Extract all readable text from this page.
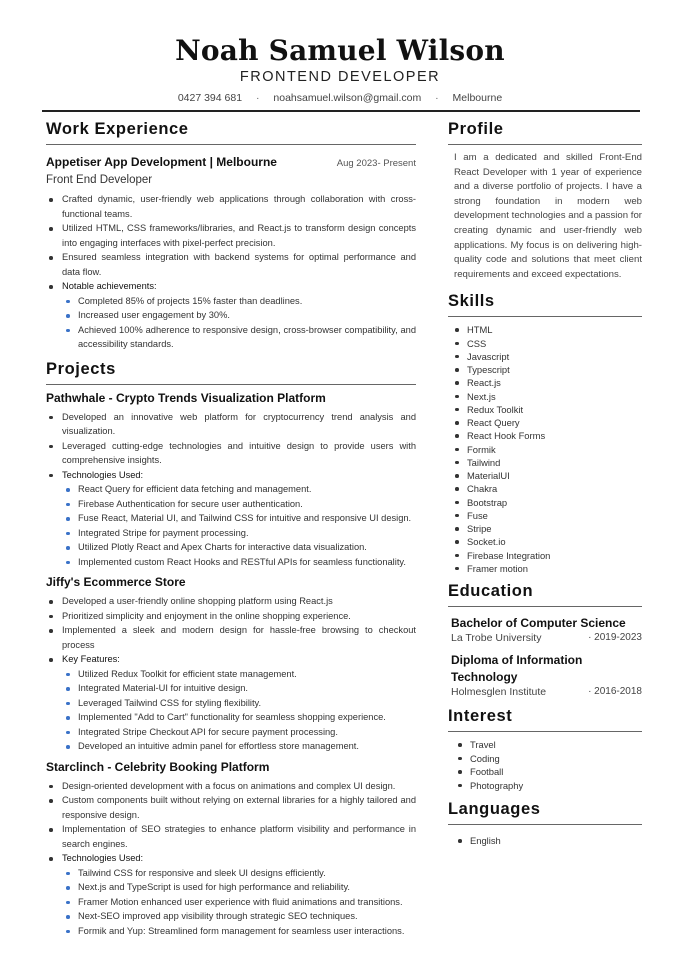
Noah Samuel Wilson
FRONTEND DEVELOPER
0427 394 681 · noahsamuel.wilson@gmail.com · Melbourne
Work Experience
Appetiser App Development | Melbourne	Aug 2023- Present
Front End Developer
Crafted dynamic, user-friendly web applications through collaboration with cross-functional teams.
Utilized HTML, CSS frameworks/libraries, and React.js to transform design concepts into engaging interfaces with pixel-perfect precision.
Ensured seamless integration with backend systems for optimal performance and data flow.
Notable achievements:
Completed 85% of projects 15% faster than deadlines.
Increased user engagement by 30%.
Achieved 100% adherence to responsive design, cross-browser compatibility, and accessibility standards.
Projects
Pathwhale - Crypto Trends Visualization Platform
Developed an innovative web platform for cryptocurrency trend analysis and visualization.
Leveraged cutting-edge technologies and intuitive design to provide users with comprehensive insights.
Technologies Used:
React Query for efficient data fetching and management.
Firebase Authentication for secure user authentication.
Fuse React, Material UI, and Tailwind CSS for intuitive and responsive UI design.
Integrated Stripe for payment processing.
Utilized Plotly React and Apex Charts for interactive data visualization.
Implemented custom React Hooks and RESTful APIs for seamless functionality.
Jiffy's Ecommerce Store
Developed a user-friendly online shopping platform using React.js
Prioritized simplicity and enjoyment in the online shopping experience.
Implemented a sleek and modern design for hassle-free browsing to checkout process
Key Features:
Utilized Redux Toolkit for efficient state management.
Integrated Material-UI for intuitive design.
Leveraged Tailwind CSS for styling flexibility.
Implemented "Add to Cart" functionality for seamless shopping experience.
Integrated Stripe Checkout API for secure payment processing.
Developed an intuitive admin panel for effortless store management.
Starclinch - Celebrity Booking Platform
Design-oriented development with a focus on animations and complex UI design.
Custom components built without relying on external libraries for a highly tailored and responsive design.
Implementation of SEO strategies to enhance platform visibility and performance in search engines.
Technologies Used:
Tailwind CSS for responsive and sleek UI designs efficiently.
Next.js and TypeScript is used for high performance and reliability.
Framer Motion enhanced user experience with fluid animations and transitions.
Next-SEO improved app visibility through strategic SEO techniques.
Formik and Yup: Streamlined form management for seamless user interactions.
Profile
I am a dedicated and skilled Front-End React Developer with 1 year of experience and a diverse portfolio of projects. I have a strong foundation in modern web development technologies and a passion for creating dynamic and user-friendly web applications. My focus is on delivering high-quality code and solutions that meet client requirements and exceed expectations.
Skills
HTML
CSS
Javascript
Typescript
React.js
Next.js
Redux Toolkit
React Query
React Hook Forms
Formik
Tailwind
MaterialUI
Chakra
Bootstrap
Fuse
Stripe
Socket.io
Firebase Integration
Framer motion
Education
Bachelor of Computer Science
La Trobe University	· 2019-2023
Diploma of Information Technology
Holmesglen Institute	· 2016-2018
Interest
Travel
Coding
Football
Photography
Languages
English
